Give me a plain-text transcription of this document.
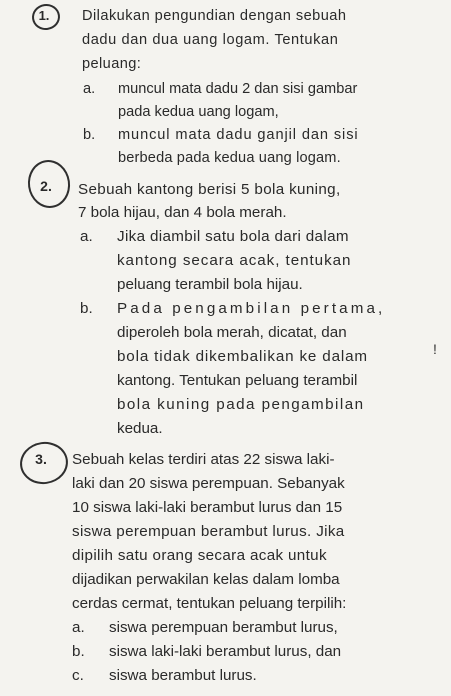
1.	Dilakukan pengundian dengan sebuah
dadu dan dua uang logam. Tentukan
peluang:
a. muncul mata dadu 2 dan sisi gambar
pada kedua uang logam,
b. muncul mata dadu ganjil dan sisi
berbeda pada kedua uang logam.
2.	Sebuah kantong berisi 5 bola kuning,
7 bola hijau, dan 4 bola merah.
a. Jika diambil satu bola dari dalam
kantong secara acak, tentukan
peluang terambil bola hijau.
b. Pada pengambilan pertama,
diperoleh bola merah, dicatat, dan
bola tidak dikembalikan ke dalam
kantong. Tentukan peluang terambil
bola kuning pada pengambilan
kedua.
!
3.	Sebuah kelas terdiri atas 22 siswa laki-
laki dan 20 siswa perempuan. Sebanyak
10 siswa laki-laki berambut lurus dan 15
siswa perempuan berambut lurus. Jika
dipilih satu orang secara acak untuk
dijadikan perwakilan kelas dalam lomba
cerdas cermat, tentukan peluang terpilih:
a. siswa perempuan berambut lurus,
b. siswa laki-laki berambut lurus, dan
c. siswa berambut lurus.
